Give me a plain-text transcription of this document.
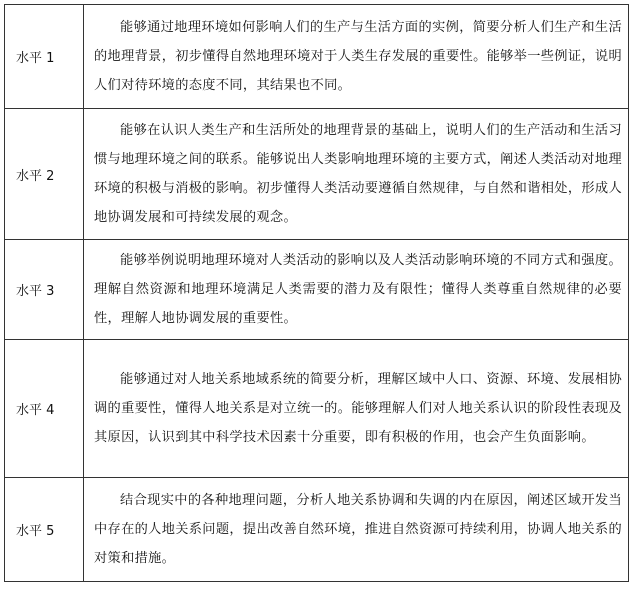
水平 1	能够通过地理环境如何影响人们的生产与生活方面的实例，简要分析人们生产和生活的地理背景，初步懂得自然地理环境对于人类生存发展的重要性。能够举一些例证，说明人们对待环境的态度不同，其结果也不同。
水平 2	能够在认识人类生产和生活所处的地理背景的基础上，说明人们的生产活动和生活习惯与地理环境之间的联系。能够说出人类影响地理环境的主要方式，阐述人类活动对地理环境的积极与消极的影响。初步懂得人类活动要遵循自然规律，与自然和谐相处，形成人地协调发展和可持续发展的观念。
水平 3	能够举例说明地理环境对人类活动的影响以及人类活动影响环境的不同方式和强度。理解自然资源和地理环境满足人类需要的潜力及有限性；懂得人类尊重自然规律的必要性，理解人地协调发展的重要性。
水平 4	能够通过对人地关系地域系统的简要分析，理解区域中人口、资源、环境、发展相协调的重要性，懂得人地关系是对立统一的。能够理解人们对人地关系认识的阶段性表现及其原因，认识到其中科学技术因素十分重要，即有积极的作用，也会产生负面影响。
水平 5	结合现实中的各种地理问题，分析人地关系协调和失调的内在原因，阐述区域开发当中存在的人地关系问题，提出改善自然环境，推进自然资源可持续利用，协调人地关系的对策和措施。
